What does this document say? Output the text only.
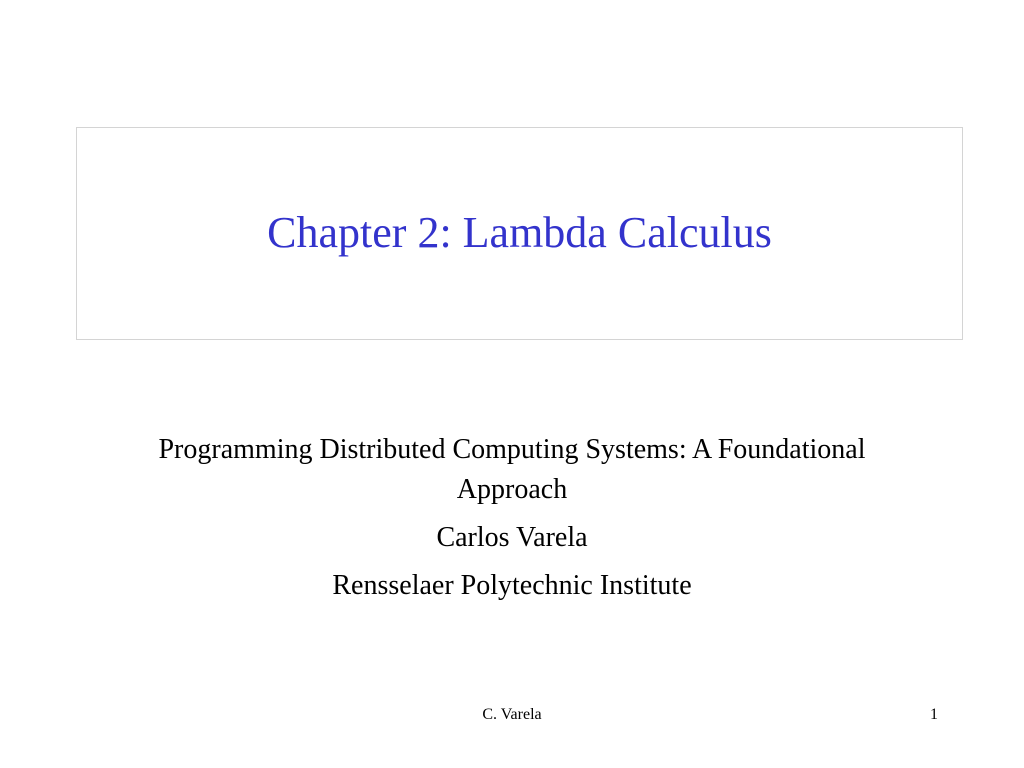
Chapter 2: Lambda Calculus

Programming Distributed Computing Systems: A Foundational Approach

Carlos Varela

Rensselaer Polytechnic Institute

C. Varela	1
